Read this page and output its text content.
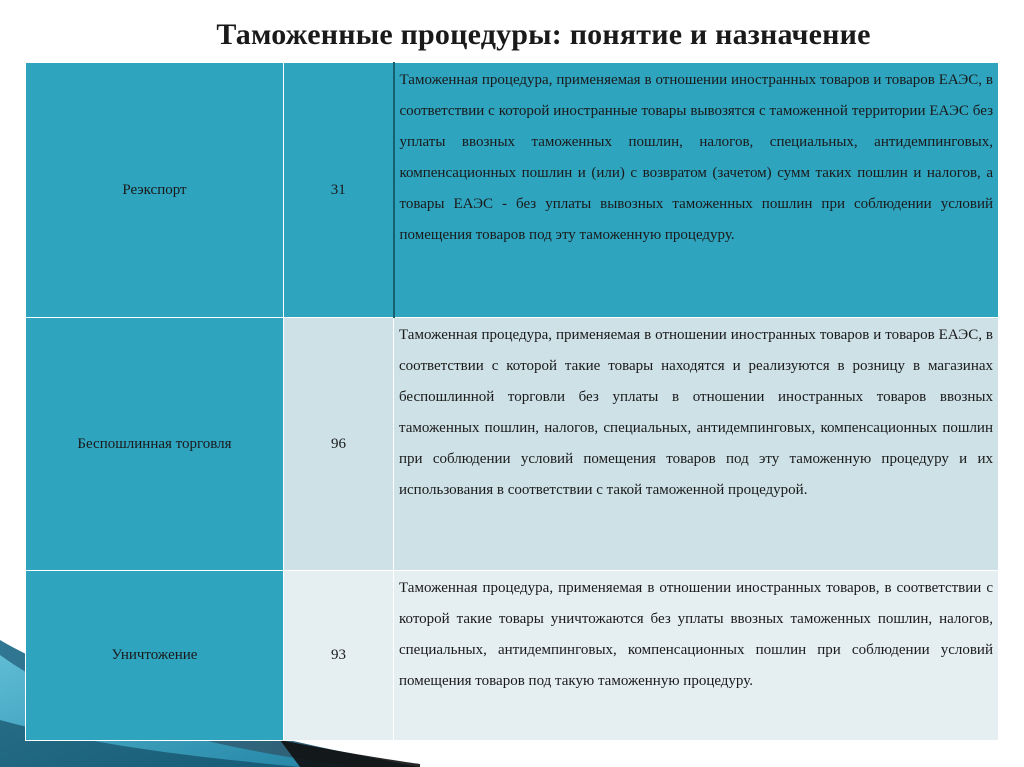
Таможенные процедуры: понятие и назначение
Реэкспорт	31	Таможенная процедура, применяемая в отношении иностранных товаров и товаров ЕАЭС, в соответствии с которой иностранные товары вывозятся с таможенной территории ЕАЭС без уплаты ввозных таможенных пошлин, налогов, специальных, антидемпинговых, компенсационных пошлин и (или) с возвратом (зачетом) сумм таких пошлин и налогов, а товары ЕАЭС - без уплаты вывозных таможенных пошлин при соблюдении условий помещения товаров под эту таможенную процедуру.
Беспошлинная торговля	96	Таможенная процедура, применяемая в отношении иностранных товаров и товаров ЕАЭС, в соответствии с которой такие товары находятся и реализуются в розницу в магазинах беспошлинной торговли без уплаты в отношении иностранных товаров ввозных таможенных пошлин, налогов, специальных, антидемпинговых, компенсационных пошлин при соблюдении условий помещения товаров под эту таможенную процедуру и их использования в соответствии с такой таможенной процедурой.
Уничтожение	93	Таможенная процедура, применяемая в отношении иностранных товаров, в соответствии с которой такие товары уничтожаются без уплаты ввозных таможенных пошлин, налогов, специальных, антидемпинговых, компенсационных пошлин при соблюдении условий помещения товаров под такую таможенную процедуру.
